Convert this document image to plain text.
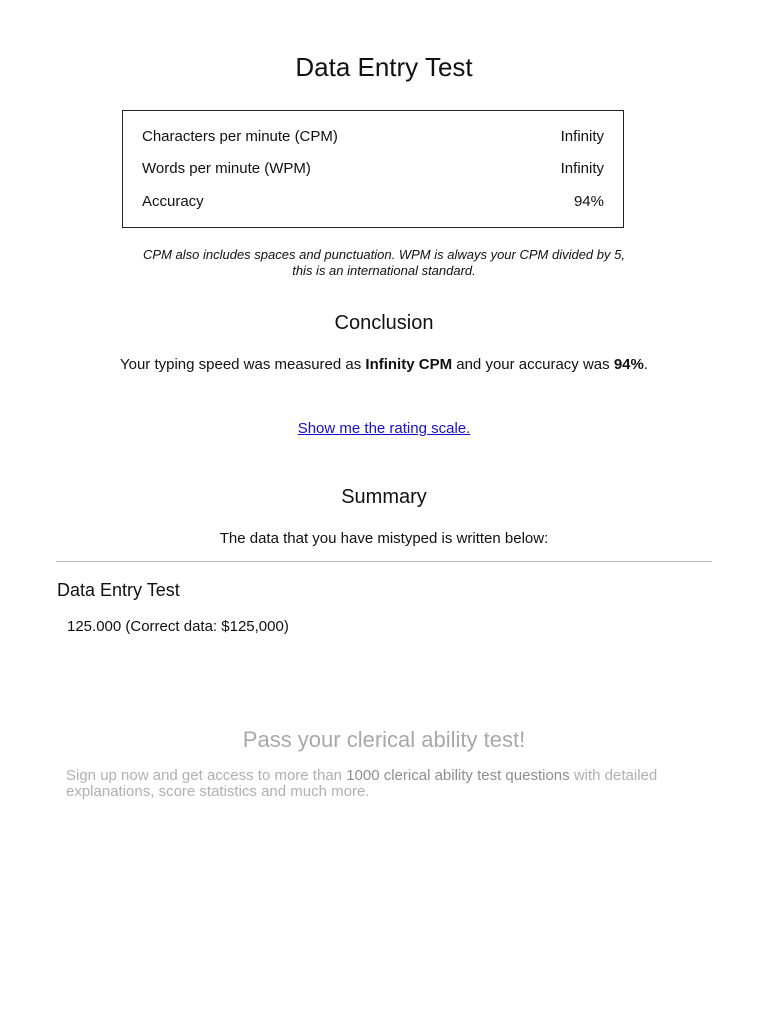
Data Entry Test
Characters per minute (CPM)	Infinity
Words per minute (WPM)	Infinity
Accuracy	94%

CPM also includes spaces and punctuation. WPM is always your CPM divided by 5, this is an international standard.

Conclusion

Your typing speed was measured as Infinity CPM and your accuracy was 94%.

Show me the rating scale.
Summary

The data that you have mistyped is written below:

Data Entry Test

125.000 (Correct data: $125,000)

Pass your clerical ability test!

Sign up now and get access to more than 1000 clerical ability test questions with detailed explanations, score statistics and much more.
